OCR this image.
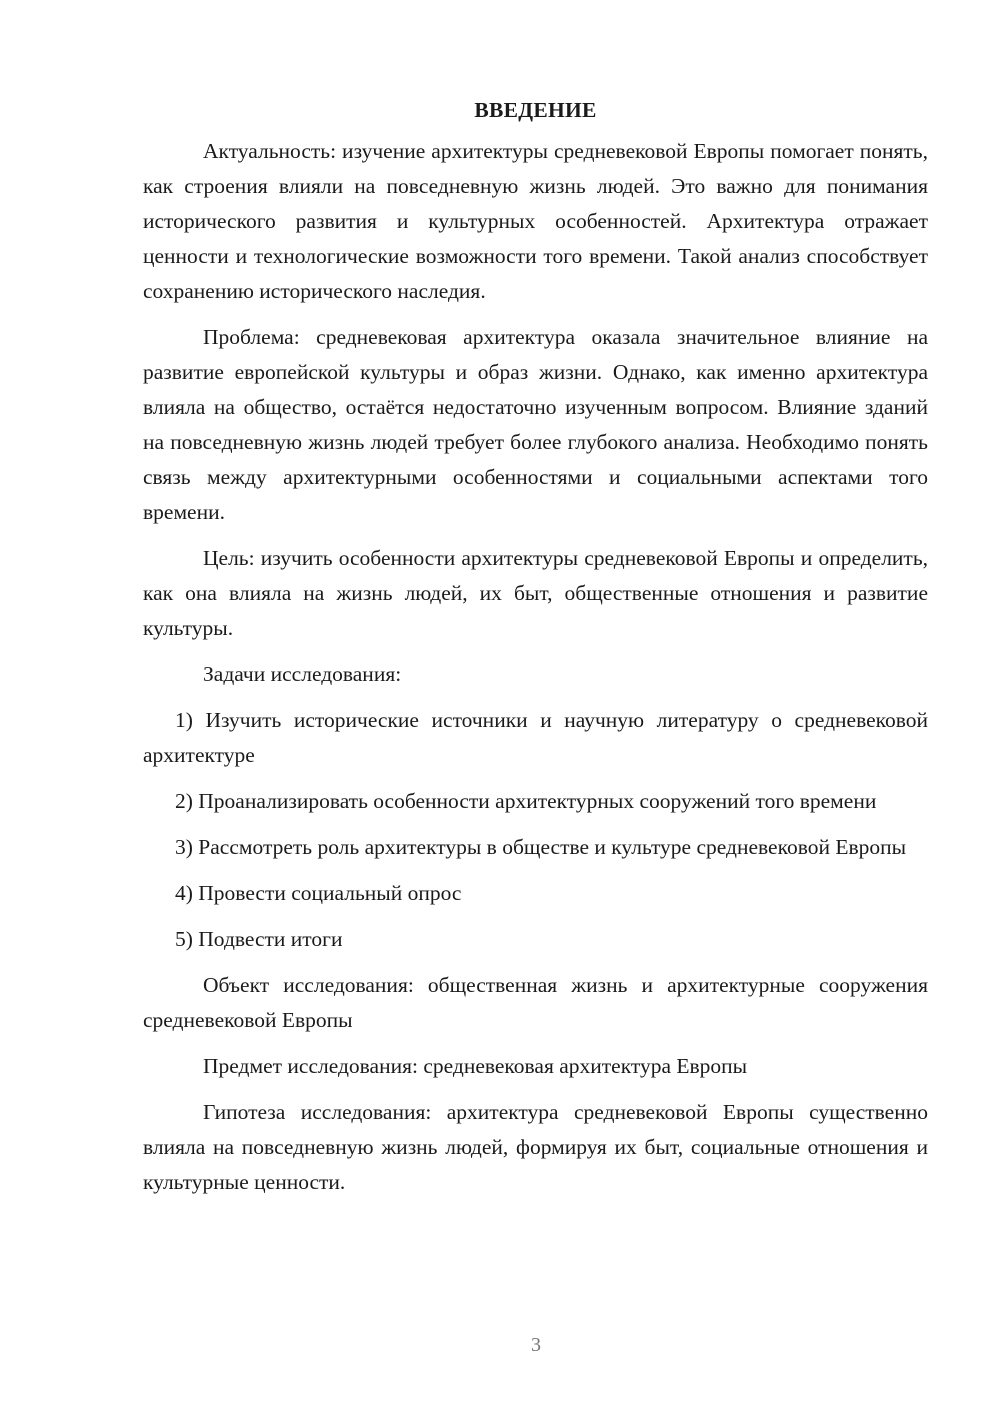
ВВЕДЕНИЕ

Актуальность: изучение архитектуры средневековой Европы помогает понять, как строения влияли на повседневную жизнь людей. Это важно для понимания исторического развития и культурных особенностей. Архитектура отражает ценности и технологические возможности того времени. Такой анализ способствует сохранению исторического наследия.

Проблема: средневековая архитектура оказала значительное влияние на развитие европейской культуры и образ жизни. Однако, как именно архитектура влияла на общество, остаётся недостаточно изученным вопросом. Влияние зданий на повседневную жизнь людей требует более глубокого анализа. Необходимо понять связь между архитектурными особенностями и социальными аспектами того времени.

Цель: изучить особенности архитектуры средневековой Европы и определить, как она влияла на жизнь людей, их быт, общественные отношения и развитие культуры.

Задачи исследования:

1) Изучить исторические источники и научную литературу о средневековой архитектуре

2) Проанализировать особенности архитектурных сооружений того времени

3) Рассмотреть роль архитектуры в обществе и культуре средневековой Европы

4) Провести социальный опрос

5) Подвести итоги

Объект исследования: общественная жизнь и архитектурные сооружения средневековой Европы

Предмет исследования: средневековая архитектура Европы

Гипотеза исследования: архитектура средневековой Европы существенно влияла на повседневную жизнь людей, формируя их быт, социальные отношения и культурные ценности.

3
